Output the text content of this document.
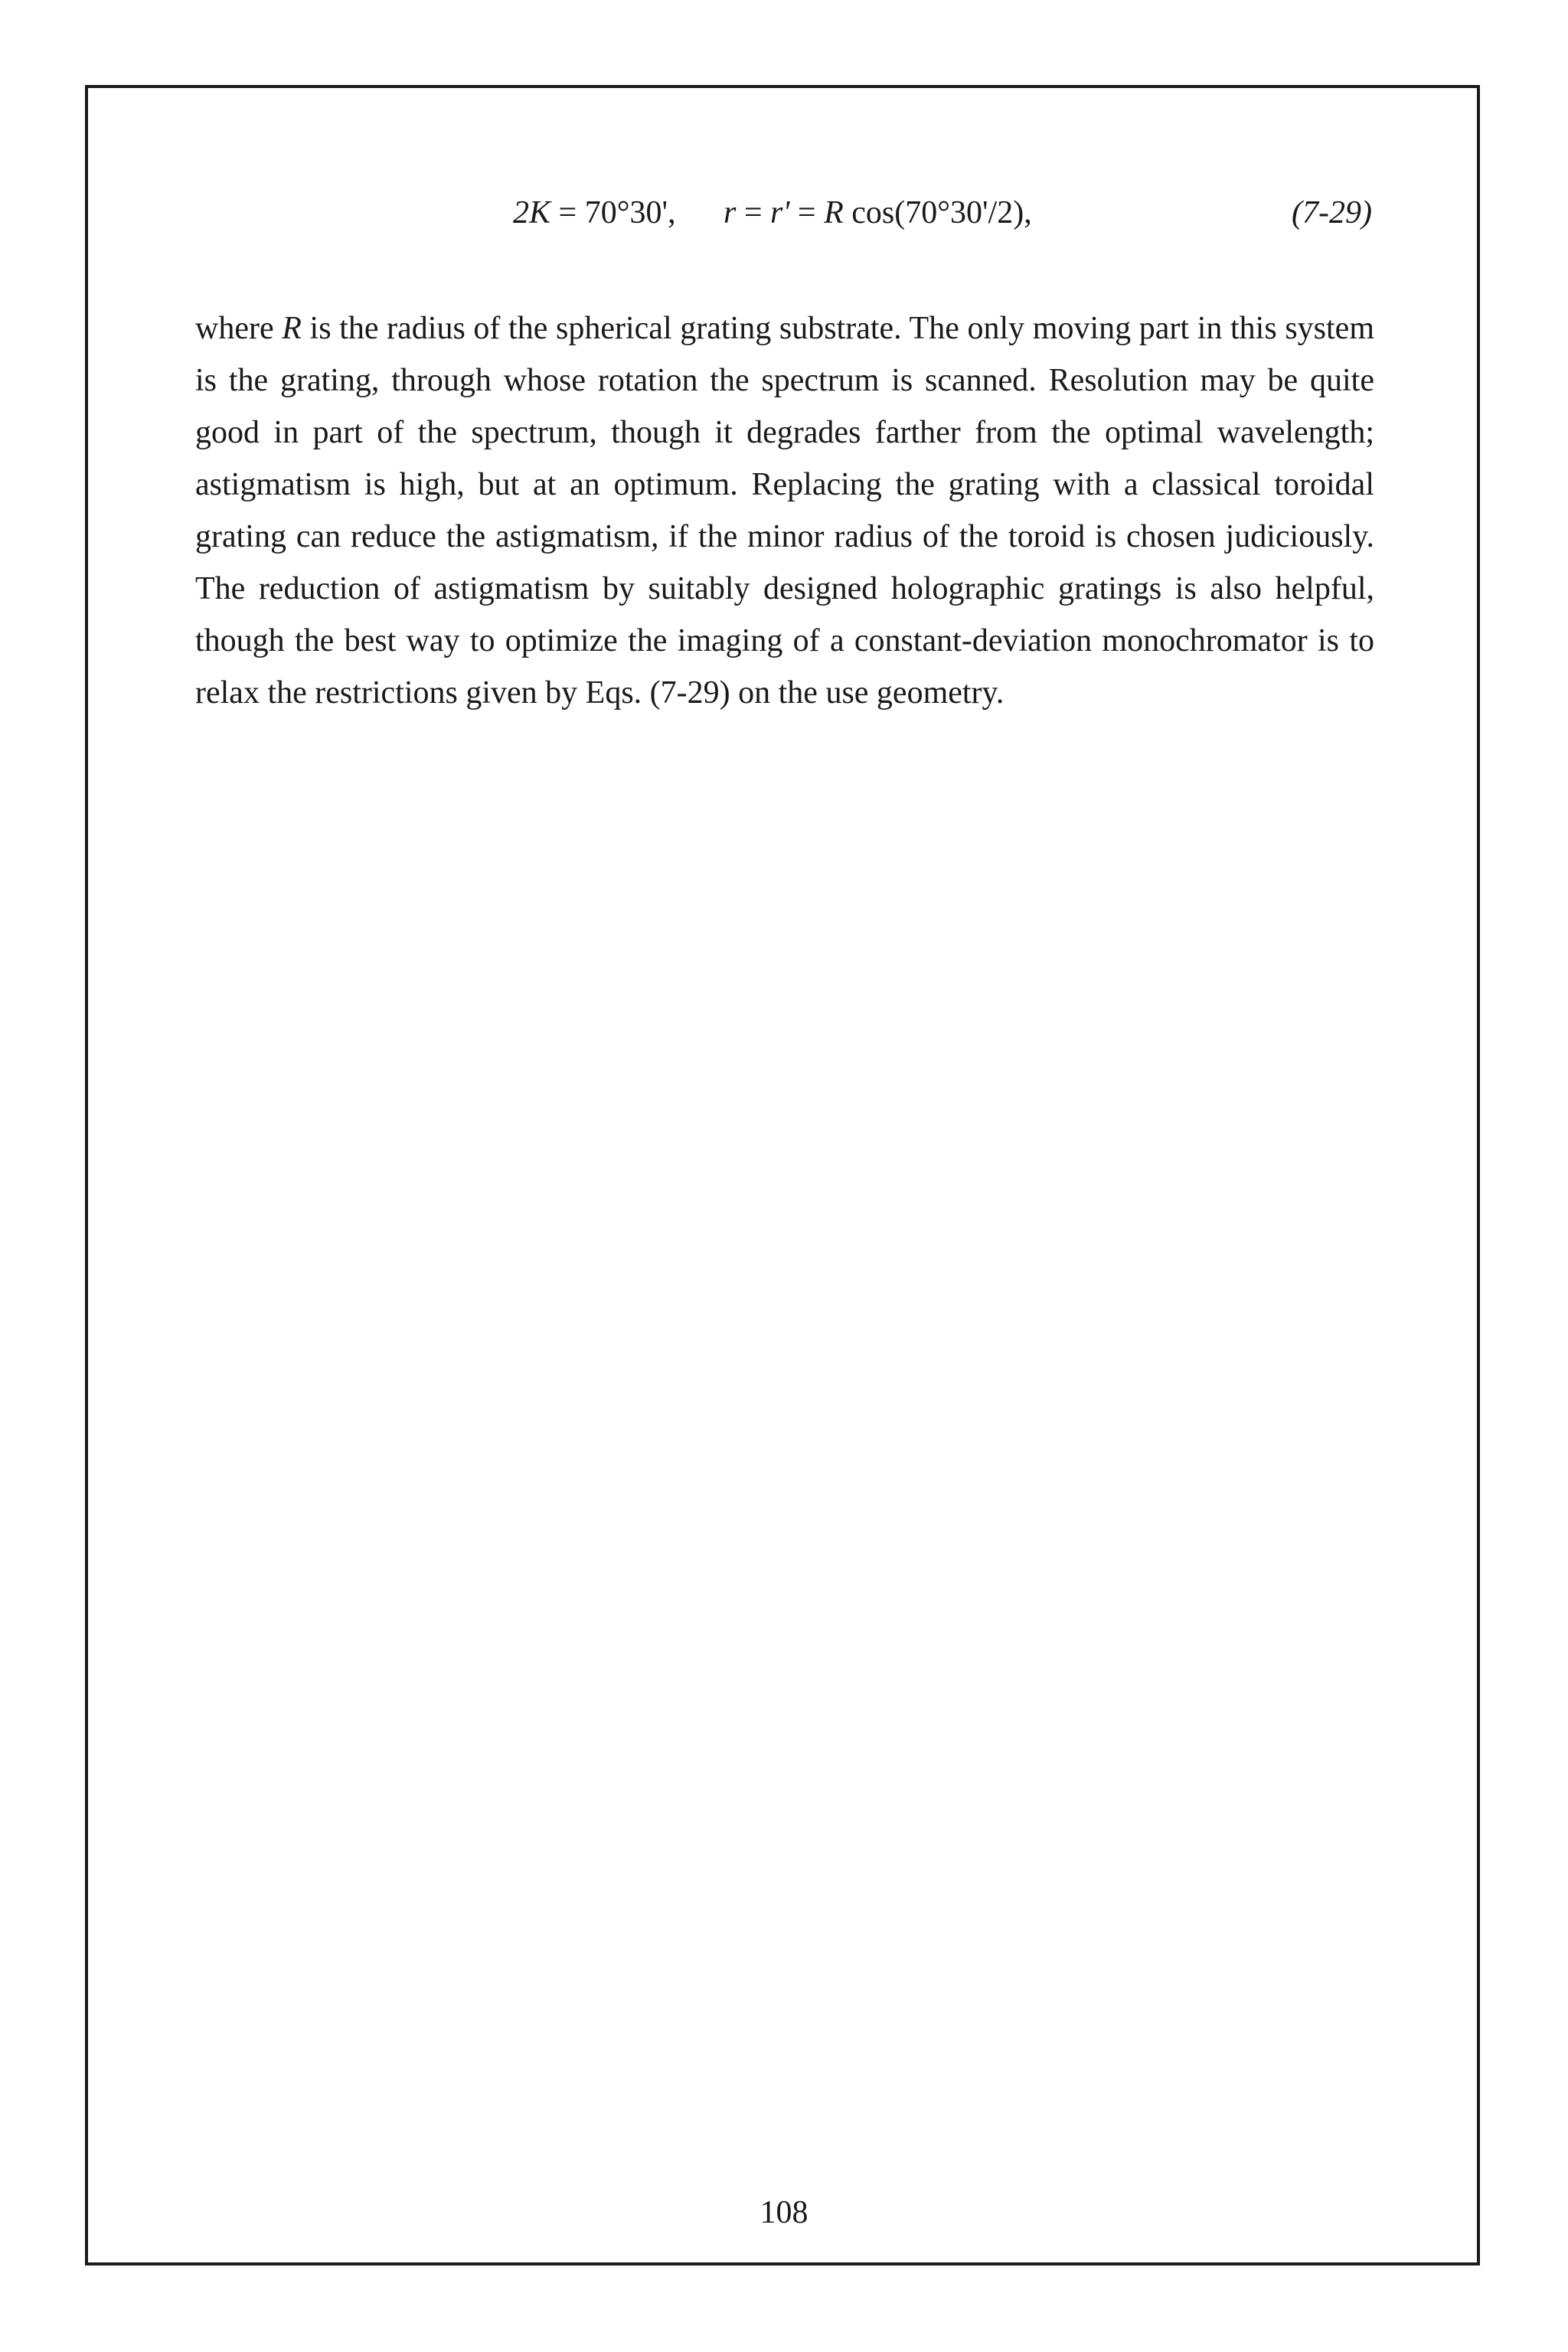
2K = 70°30', r = r' = R cos(70°30'/2),	(7-29)

where R is the radius of the spherical grating substrate. The only moving part in this system is the grating, through whose rotation the spectrum is scanned. Resolution may be quite good in part of the spectrum, though it degrades farther from the optimal wavelength; astigmatism is high, but at an optimum. Replacing the grating with a classical toroidal grating can reduce the astigmatism, if the minor radius of the toroid is chosen judiciously. The reduction of astigmatism by suitably designed holographic gratings is also helpful, though the best way to optimize the imaging of a constant-deviation monochromator is to relax the restrictions given by Eqs. (7-29) on the use geometry.

108
